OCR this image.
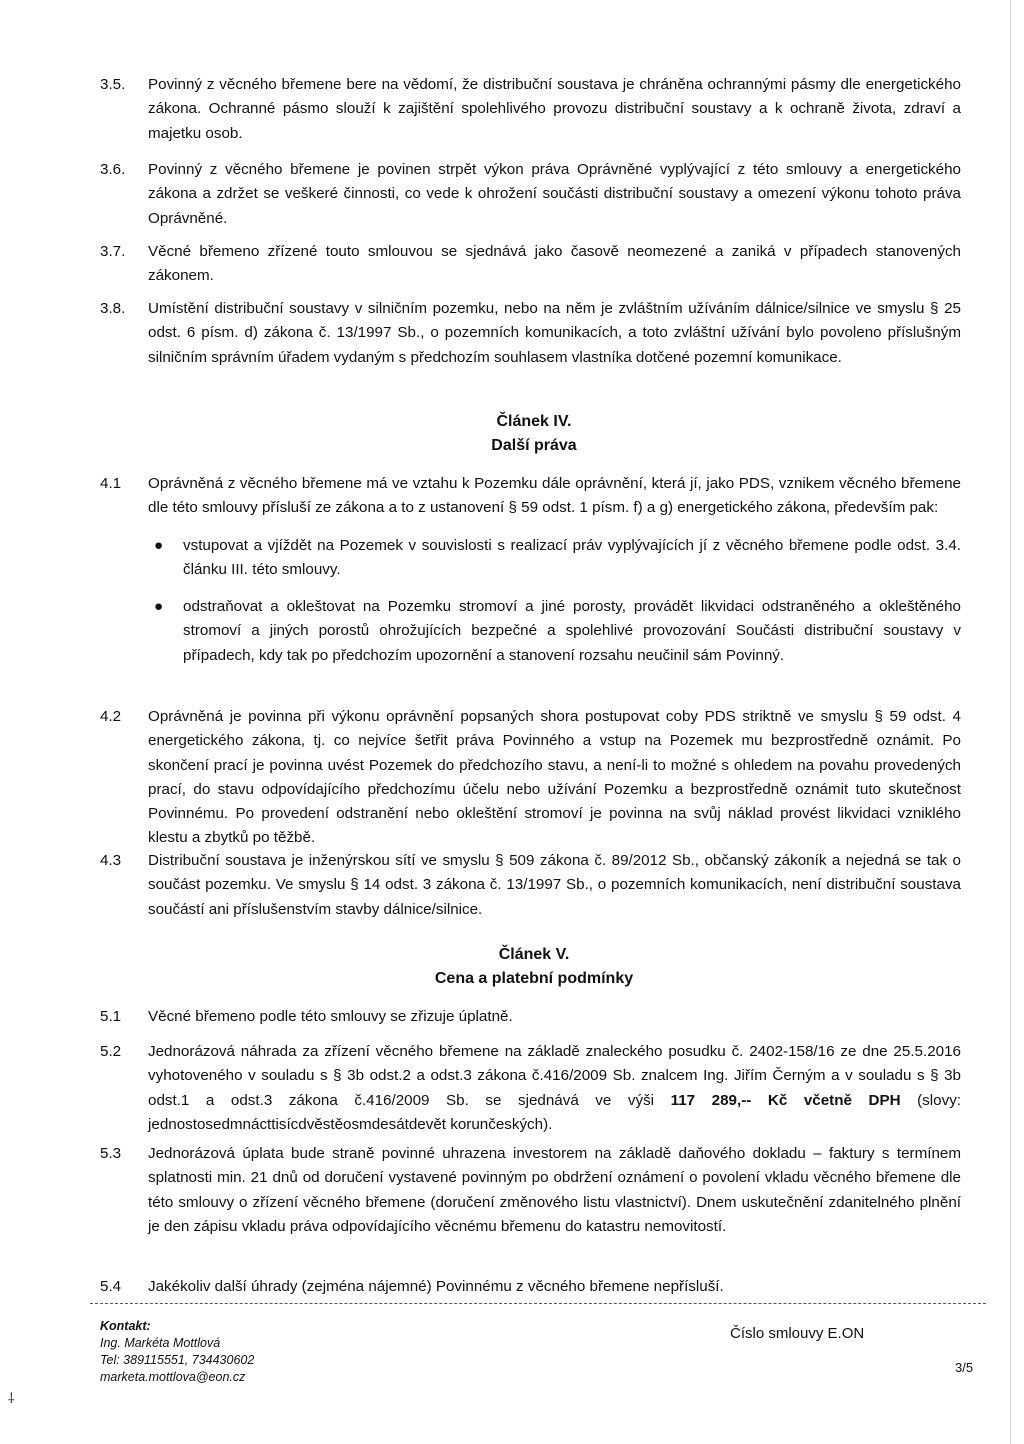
3.5.	Povinný z věcného břemene bere na vědomí, že distribuční soustava je chráněna ochrannými pásmy dle energetického zákona. Ochranné pásmo slouží k zajištění spolehlivého provozu distribuční soustavy a k ochraně života, zdraví a majetku osob.
3.6.	Povinný z věcného břemene je povinen strpět výkon práva Oprávněné vyplývající z této smlouvy a energetického zákona a zdržet se veškeré činnosti, co vede k ohrožení součásti distribuční soustavy a omezení výkonu tohoto práva Oprávněné.
3.7.	Věcné břemeno zřízené touto smlouvou se sjednává jako časově neomezené a zaniká v případech stanovených zákonem.
3.8.	Umístění distribuční soustavy v silničním pozemku, nebo na něm je zvláštním užíváním dálnice/silnice ve smyslu § 25 odst. 6 písm. d) zákona č. 13/1997 Sb., o pozemních komunikacích, a toto zvláštní užívání bylo povoleno příslušným silničním správním úřadem vydaným s předchozím souhlasem vlastníka dotčené pozemní komunikace.
Článek IV.
Další práva
4.1	Oprávněná z věcného břemene má ve vztahu k Pozemku dále oprávnění, která jí, jako PDS, vznikem věcného břemene dle této smlouvy přísluší ze zákona a to z ustanovení § 59 odst. 1 písm. f) a g) energetického zákona, především pak:
● vstupovat a vjíždět na Pozemek v souvislosti s realizací práv vyplývajících jí z věcného břemene podle odst. 3.4. článku III. této smlouvy.
● odstraňovat a okleštovat na Pozemku stromoví a jiné porosty, provádět likvidaci odstraněného a okleštěného stromoví a jiných porostů ohrožujících bezpečné a spolehlivé provozování Součásti distribuční soustavy v případech, kdy tak po předchozím upozornění a stanovení rozsahu neučinil sám Povinný.
4.2	Oprávněná je povinna při výkonu oprávnění popsaných shora postupovat coby PDS striktně ve smyslu § 59 odst. 4 energetického zákona, tj. co nejvíce šetřit práva Povinného a vstup na Pozemek mu bezprostředně oznámit. Po skončení prací je povinna uvést Pozemek do předchozího stavu, a není-li to možné s ohledem na povahu provedených prací, do stavu odpovídajícího předchozímu účelu nebo užívání Pozemku a bezprostředně oznámit tuto skutečnost Povinnému. Po provedení odstranění nebo okleštění stromoví je povinna na svůj náklad provést likvidaci vzniklého klestu a zbytků po těžbě.
4.3	Distribuční soustava je inženýrskou sítí ve smyslu § 509 zákona č. 89/2012 Sb., občanský zákoník a nejedná se tak o součást pozemku. Ve smyslu § 14 odst. 3 zákona č. 13/1997 Sb., o pozemních komunikacích, není distribuční soustava součástí ani příslušenstvím stavby dálnice/silnice.
Článek V.
Cena a platební podmínky
5.1	Věcné břemeno podle této smlouvy se zřizuje úplatně.
5.2	Jednorázová náhrada za zřízení věcného břemene na základě znaleckého posudku č. 2402-158/16 ze dne 25.5.2016 vyhotoveného v souladu s § 3b odst.2 a odst.3 zákona č.416/2009 Sb. znalcem Ing. Jiřím Černým a v souladu s § 3b odst.1 a odst.3 zákona č.416/2009 Sb. se sjednává ve výši 117 289,-- Kč včetně DPH (slovy: jednostosedmnácttisícdvěstěosmdesátdevět korunčeských).
5.3	Jednorázová úplata bude straně povinné uhrazena investorem na základě daňového dokladu – faktury s termínem splatnosti min. 21 dnů od doručení vystavené povinným po obdržení oznámení o povolení vkladu věcného břemene dle této smlouvy o zřízení věcného břemene (doručení změnového listu vlastnictví). Dnem uskutečnění zdanitelného plnění je den zápisu vkladu práva odpovídajícího věcnému břemenu do katastru nemovitostí.
5.4	Jakékoliv další úhrady (zejména nájemné) Povinnému z věcného břemene nepřísluší.
Kontakt:
Ing. Markéta Mottlová
Tel: 389115551, 734430602
marketa.mottlova@eon.cz
Číslo smlouvy E.ON
3/5
⸸
